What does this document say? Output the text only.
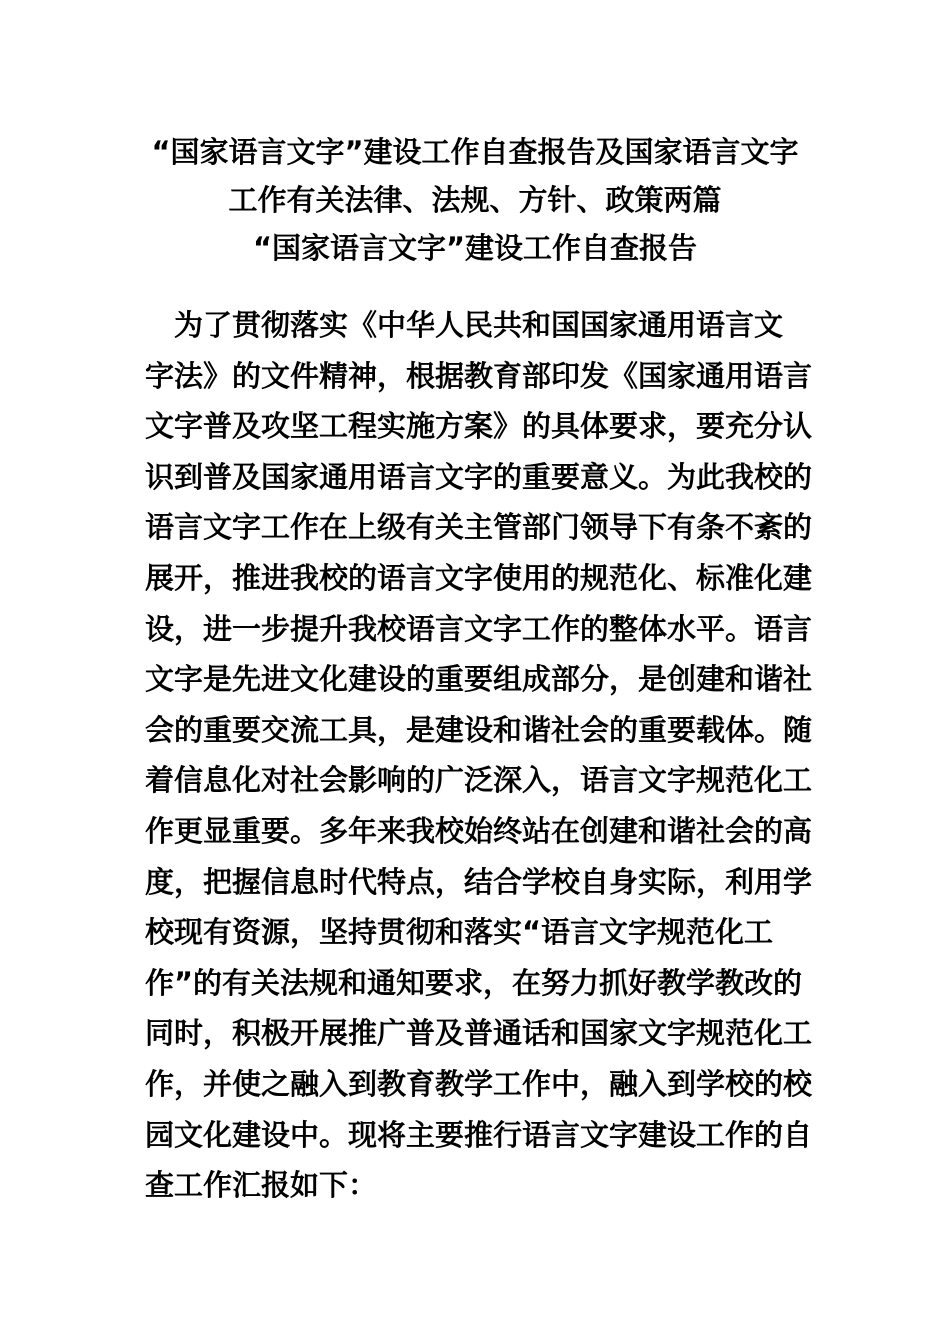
“国家语言文字”建设工作自查报告及国家语言文字
工作有关法律、法规、方针、政策两篇
“国家语言文字”建设工作自查报告
　为了贯彻落实《中华人民共和国国家通用语言文
字法》的文件精神，根据教育部印发《国家通用语言
文字普及攻坚工程实施方案》的具体要求，要充分认
识到普及国家通用语言文字的重要意义。为此我校的
语言文字工作在上级有关主管部门领导下有条不紊的
展开，推进我校的语言文字使用的规范化、标准化建
设，进一步提升我校语言文字工作的整体水平。语言
文字是先进文化建设的重要组成部分，是创建和谐社
会的重要交流工具，是建设和谐社会的重要载体。随
着信息化对社会影响的广泛深入，语言文字规范化工
作更显重要。多年来我校始终站在创建和谐社会的高
度，把握信息时代特点，结合学校自身实际，利用学
校现有资源，坚持贯彻和落实“语言文字规范化工
作”的有关法规和通知要求，在努力抓好教学教改的
同时，积极开展推广普及普通话和国家文字规范化工
作，并使之融入到教育教学工作中，融入到学校的校
园文化建设中。现将主要推行语言文字建设工作的自
查工作汇报如下：
